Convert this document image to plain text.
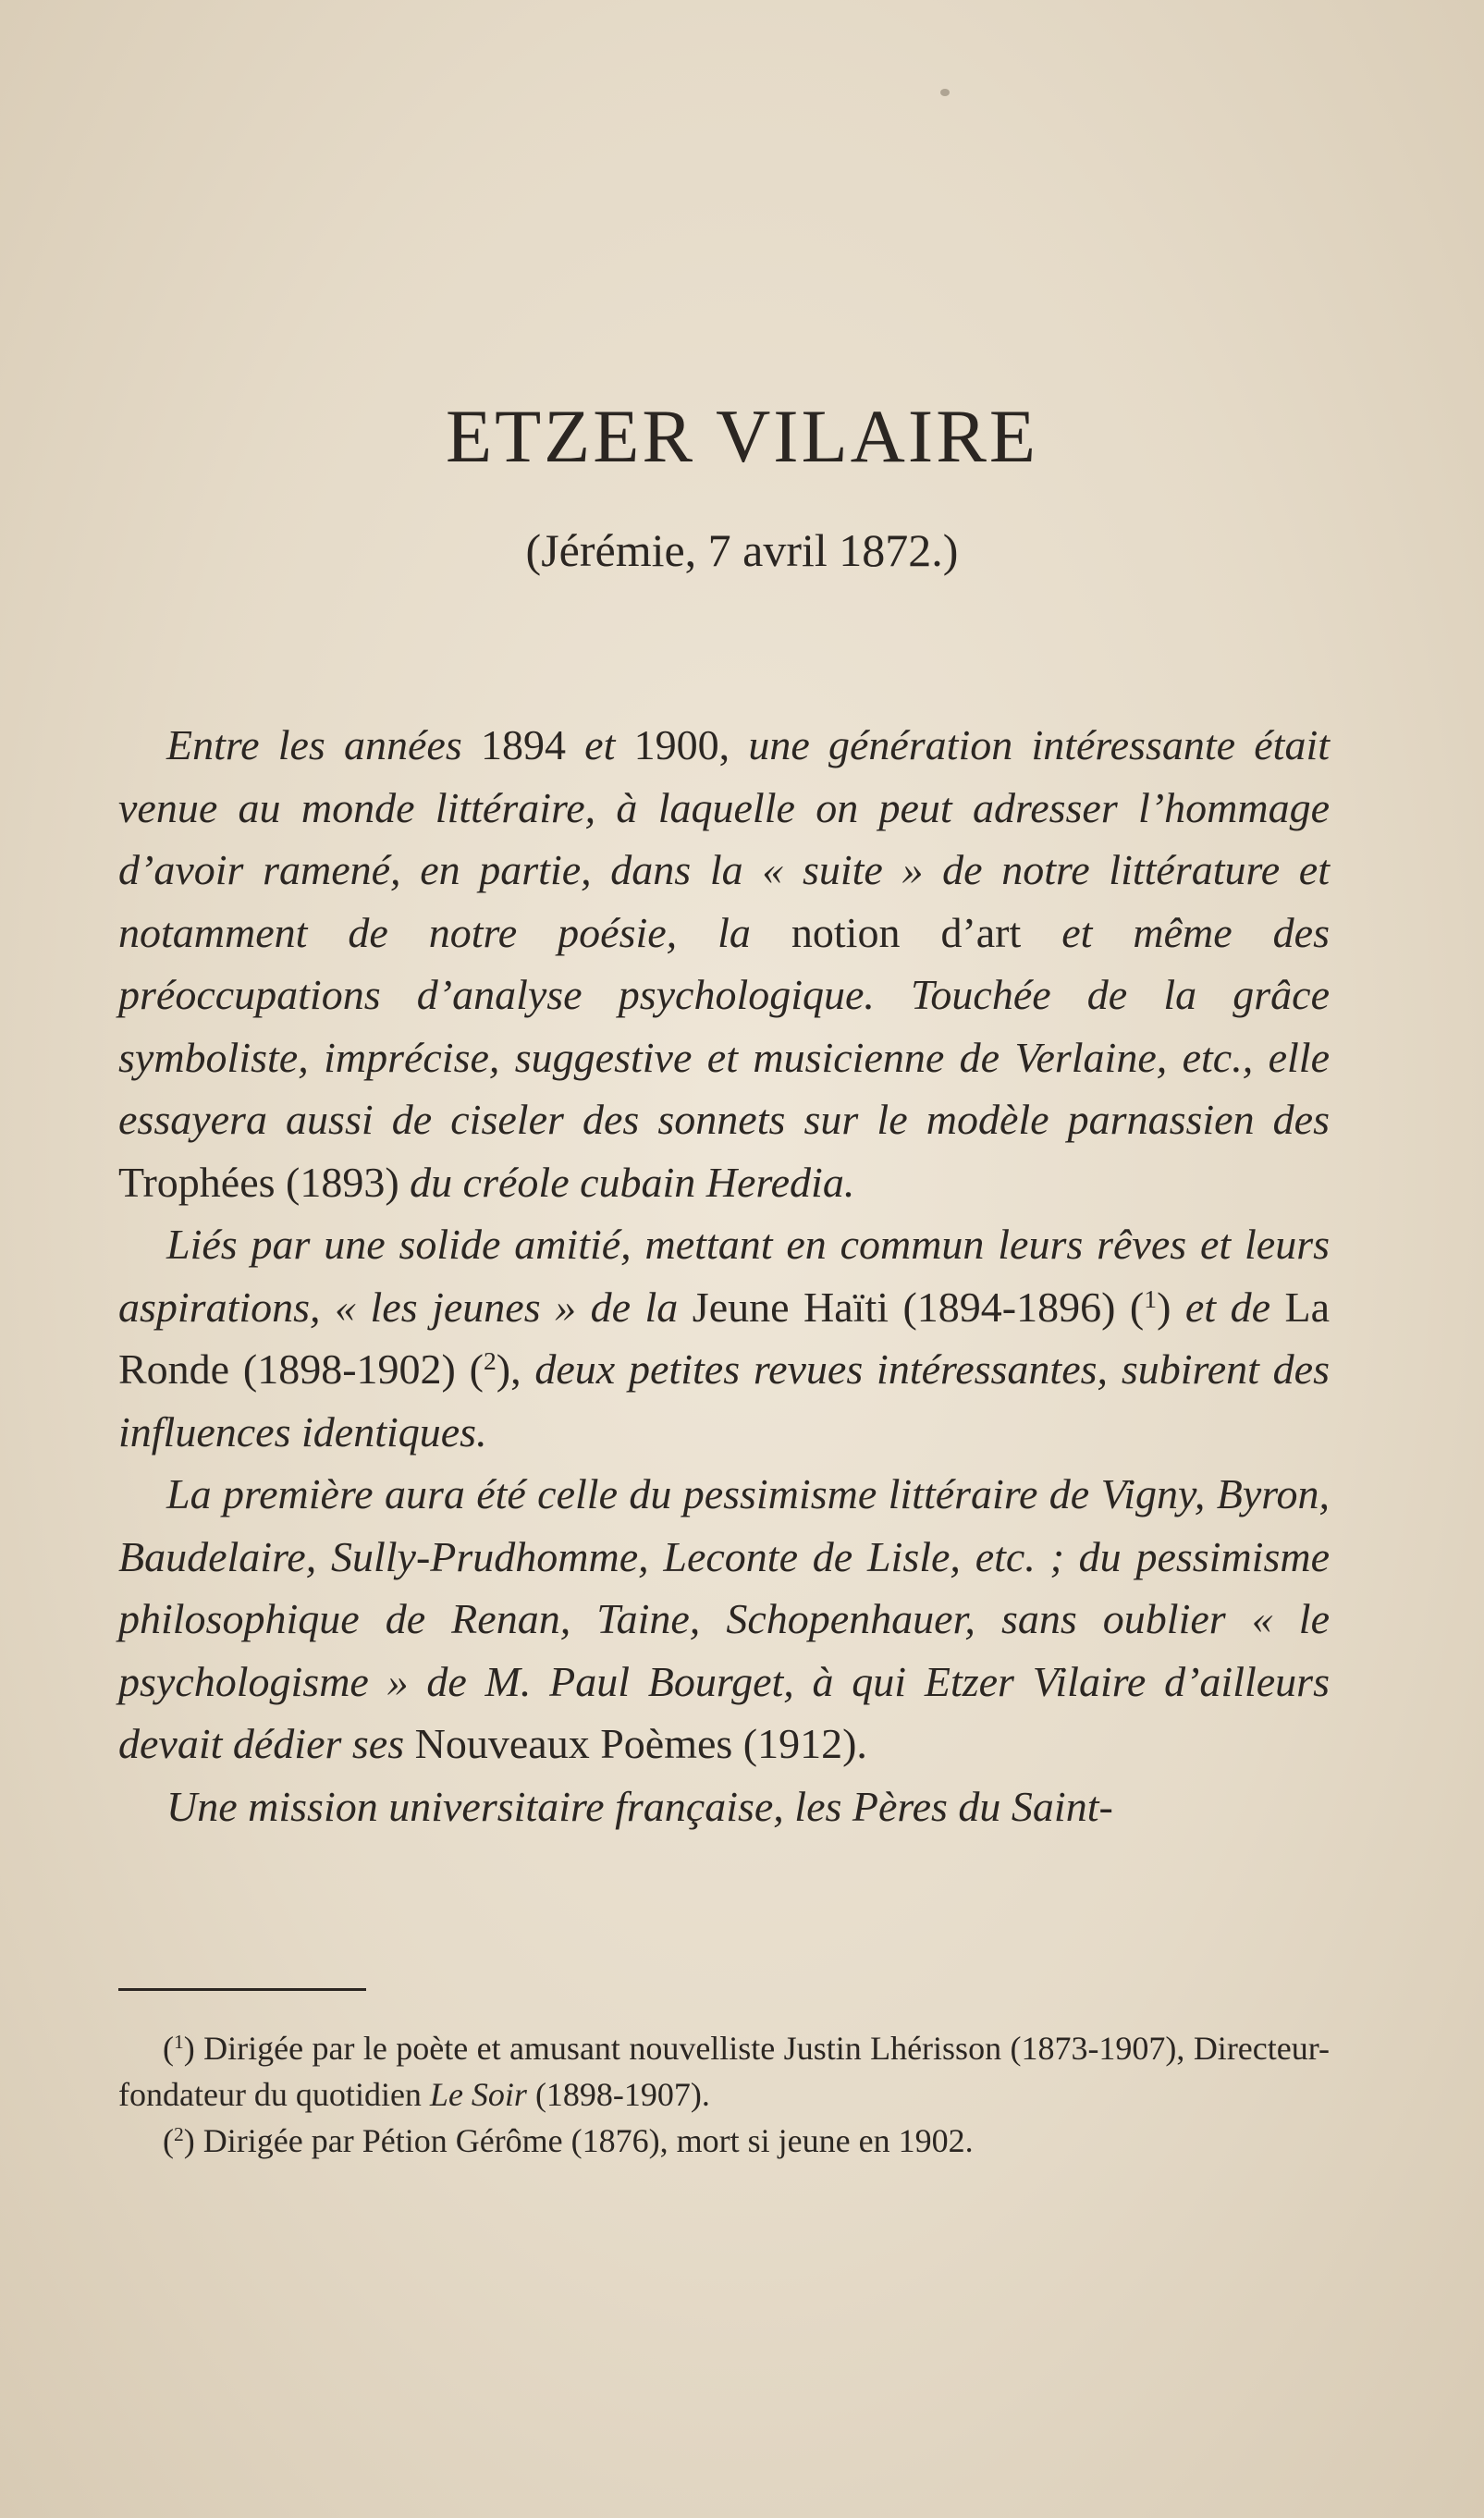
ETZER VILAIRE
(Jérémie, 7 avril 1872.)

Entre les années 1894 et 1900, une génération intéressante était venue au monde littéraire, à laquelle on peut adresser l’hommage d’avoir ramené, en partie, dans la « suite » de notre littérature et notamment de notre poésie, la notion d’art et même des préoccupations d’analyse psychologique. Touchée de la grâce symboliste, imprécise, suggestive et musicienne de Verlaine, etc., elle essayera aussi de ciseler des sonnets sur le modèle parnassien des Trophées (1893) du créole cubain Heredia.

Liés par une solide amitié, mettant en commun leurs rêves et leurs aspirations, « les jeunes » de la Jeune Haïti (1894-1896) ($^1$) et de La Ronde (1898-1902) ($^2$), deux petites revues intéressantes, subirent des influences identiques.

La première aura été celle du pessimisme littéraire de Vigny, Byron, Baudelaire, Sully-Prudhomme, Leconte de Lisle, etc. ; du pessimisme philosophique de Renan, Taine, Schopenhauer, sans oublier « le psychologisme » de M. Paul Bourget, à qui Etzer Vilaire d’ailleurs devait dédier ses Nouveaux Poèmes (1912).

Une mission universitaire française, les Pères du Saint-

($^1$) Dirigée par le poète et amusant nouvelliste Justin Lhérisson (1873-1907), Directeur-fondateur du quotidien Le Soir (1898-1907).

($^2$) Dirigée par Pétion Gérôme (1876), mort si jeune en 1902.
